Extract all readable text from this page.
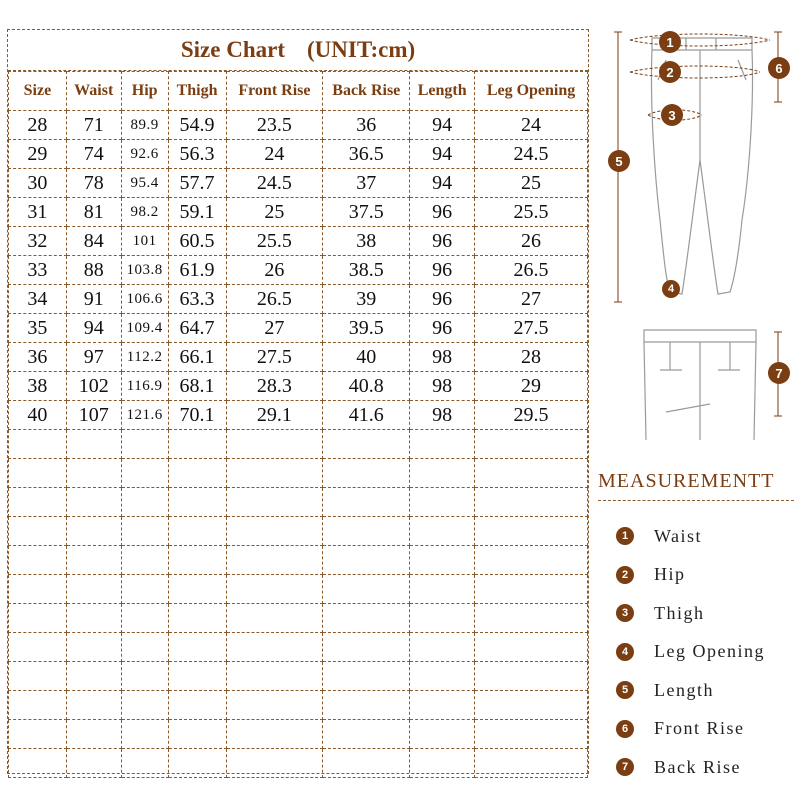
Size Chart (UNIT:cm)
Size	Waist	Hip	Thigh	Front Rise	Back Rise	Length	Leg Opening
28	71	89.9	54.9	23.5	36	94	24
29	74	92.6	56.3	24	36.5	94	24.5
30	78	95.4	57.7	24.5	37	94	25
31	81	98.2	59.1	25	37.5	96	25.5
32	84	101	60.5	25.5	38	96	26
33	88	103.8	61.9	26	38.5	96	26.5
34	91	106.6	63.3	26.5	39	96	27
35	94	109.4	64.7	27	39.5	96	27.5
36	97	112.2	66.1	27.5	40	98	28
38	102	116.9	68.1	28.3	40.8	98	29
40	107	121.6	70.1	29.1	41.6	98	29.5

1
2
3
4
5
6
7
MEASUREMENTT
1	Waist
2	Hip
3	Thigh
4	Leg Opening
5	Length
6	Front Rise
7	Back Rise
